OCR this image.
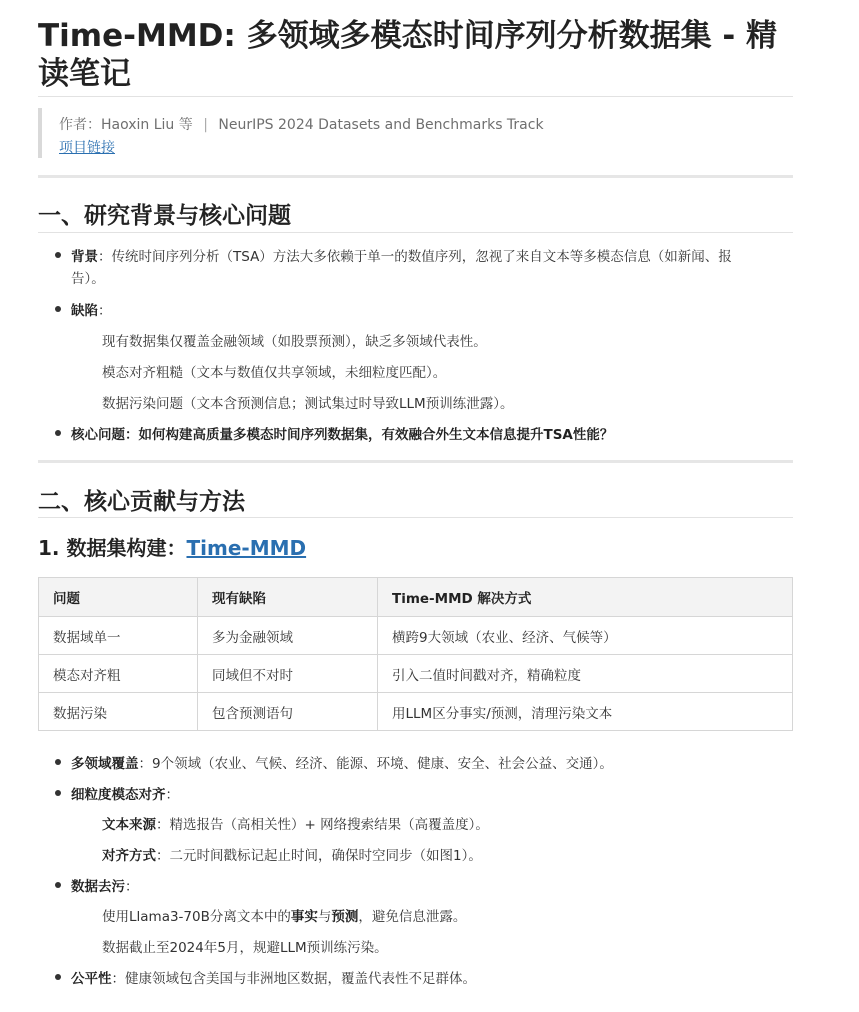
Time-MMD: 多领域多模态时间序列分析数据集 - 精
读笔记
作者：Haoxin Liu 等 | NeurIPS 2024 Datasets and Benchmarks Track
项目链接
一、研究背景与核心问题
背景：传统时间序列分析（TSA）方法大多依赖于单一的数值序列，忽视了来自文本等多模态信息（如新闻、报
告）。
缺陷：
现有数据集仅覆盖金融领域（如股票预测），缺乏多领域代表性。
模态对齐粗糙（文本与数值仅共享领域，未细粒度匹配）。
数据污染问题（文本含预测信息；测试集过时导致LLM预训练泄露）。
核心问题：如何构建高质量多模态时间序列数据集，有效融合外生文本信息提升TSA性能？
二、核心贡献与方法
1. 数据集构建：Time-MMD
问题	现有缺陷	Time-MMD 解决方式
数据域单一	多为金融领域	横跨9大领域（农业、经济、气候等）
模态对齐粗	同域但不对时	引入二值时间戳对齐，精确粒度
数据污染	包含预测语句	用LLM区分事实/预测，清理污染文本
多领域覆盖：9个领域（农业、气候、经济、能源、环境、健康、安全、社会公益、交通）。
细粒度模态对齐：
文本来源：精选报告（高相关性）+ 网络搜索结果（高覆盖度）。
对齐方式：二元时间戳标记起止时间，确保时空同步（如图1）。
数据去污：
使用Llama3-70B分离文本中的事实与预测，避免信息泄露。
数据截止至2024年5月，规避LLM预训练污染。
公平性：健康领域包含美国与非洲地区数据，覆盖代表性不足群体。
